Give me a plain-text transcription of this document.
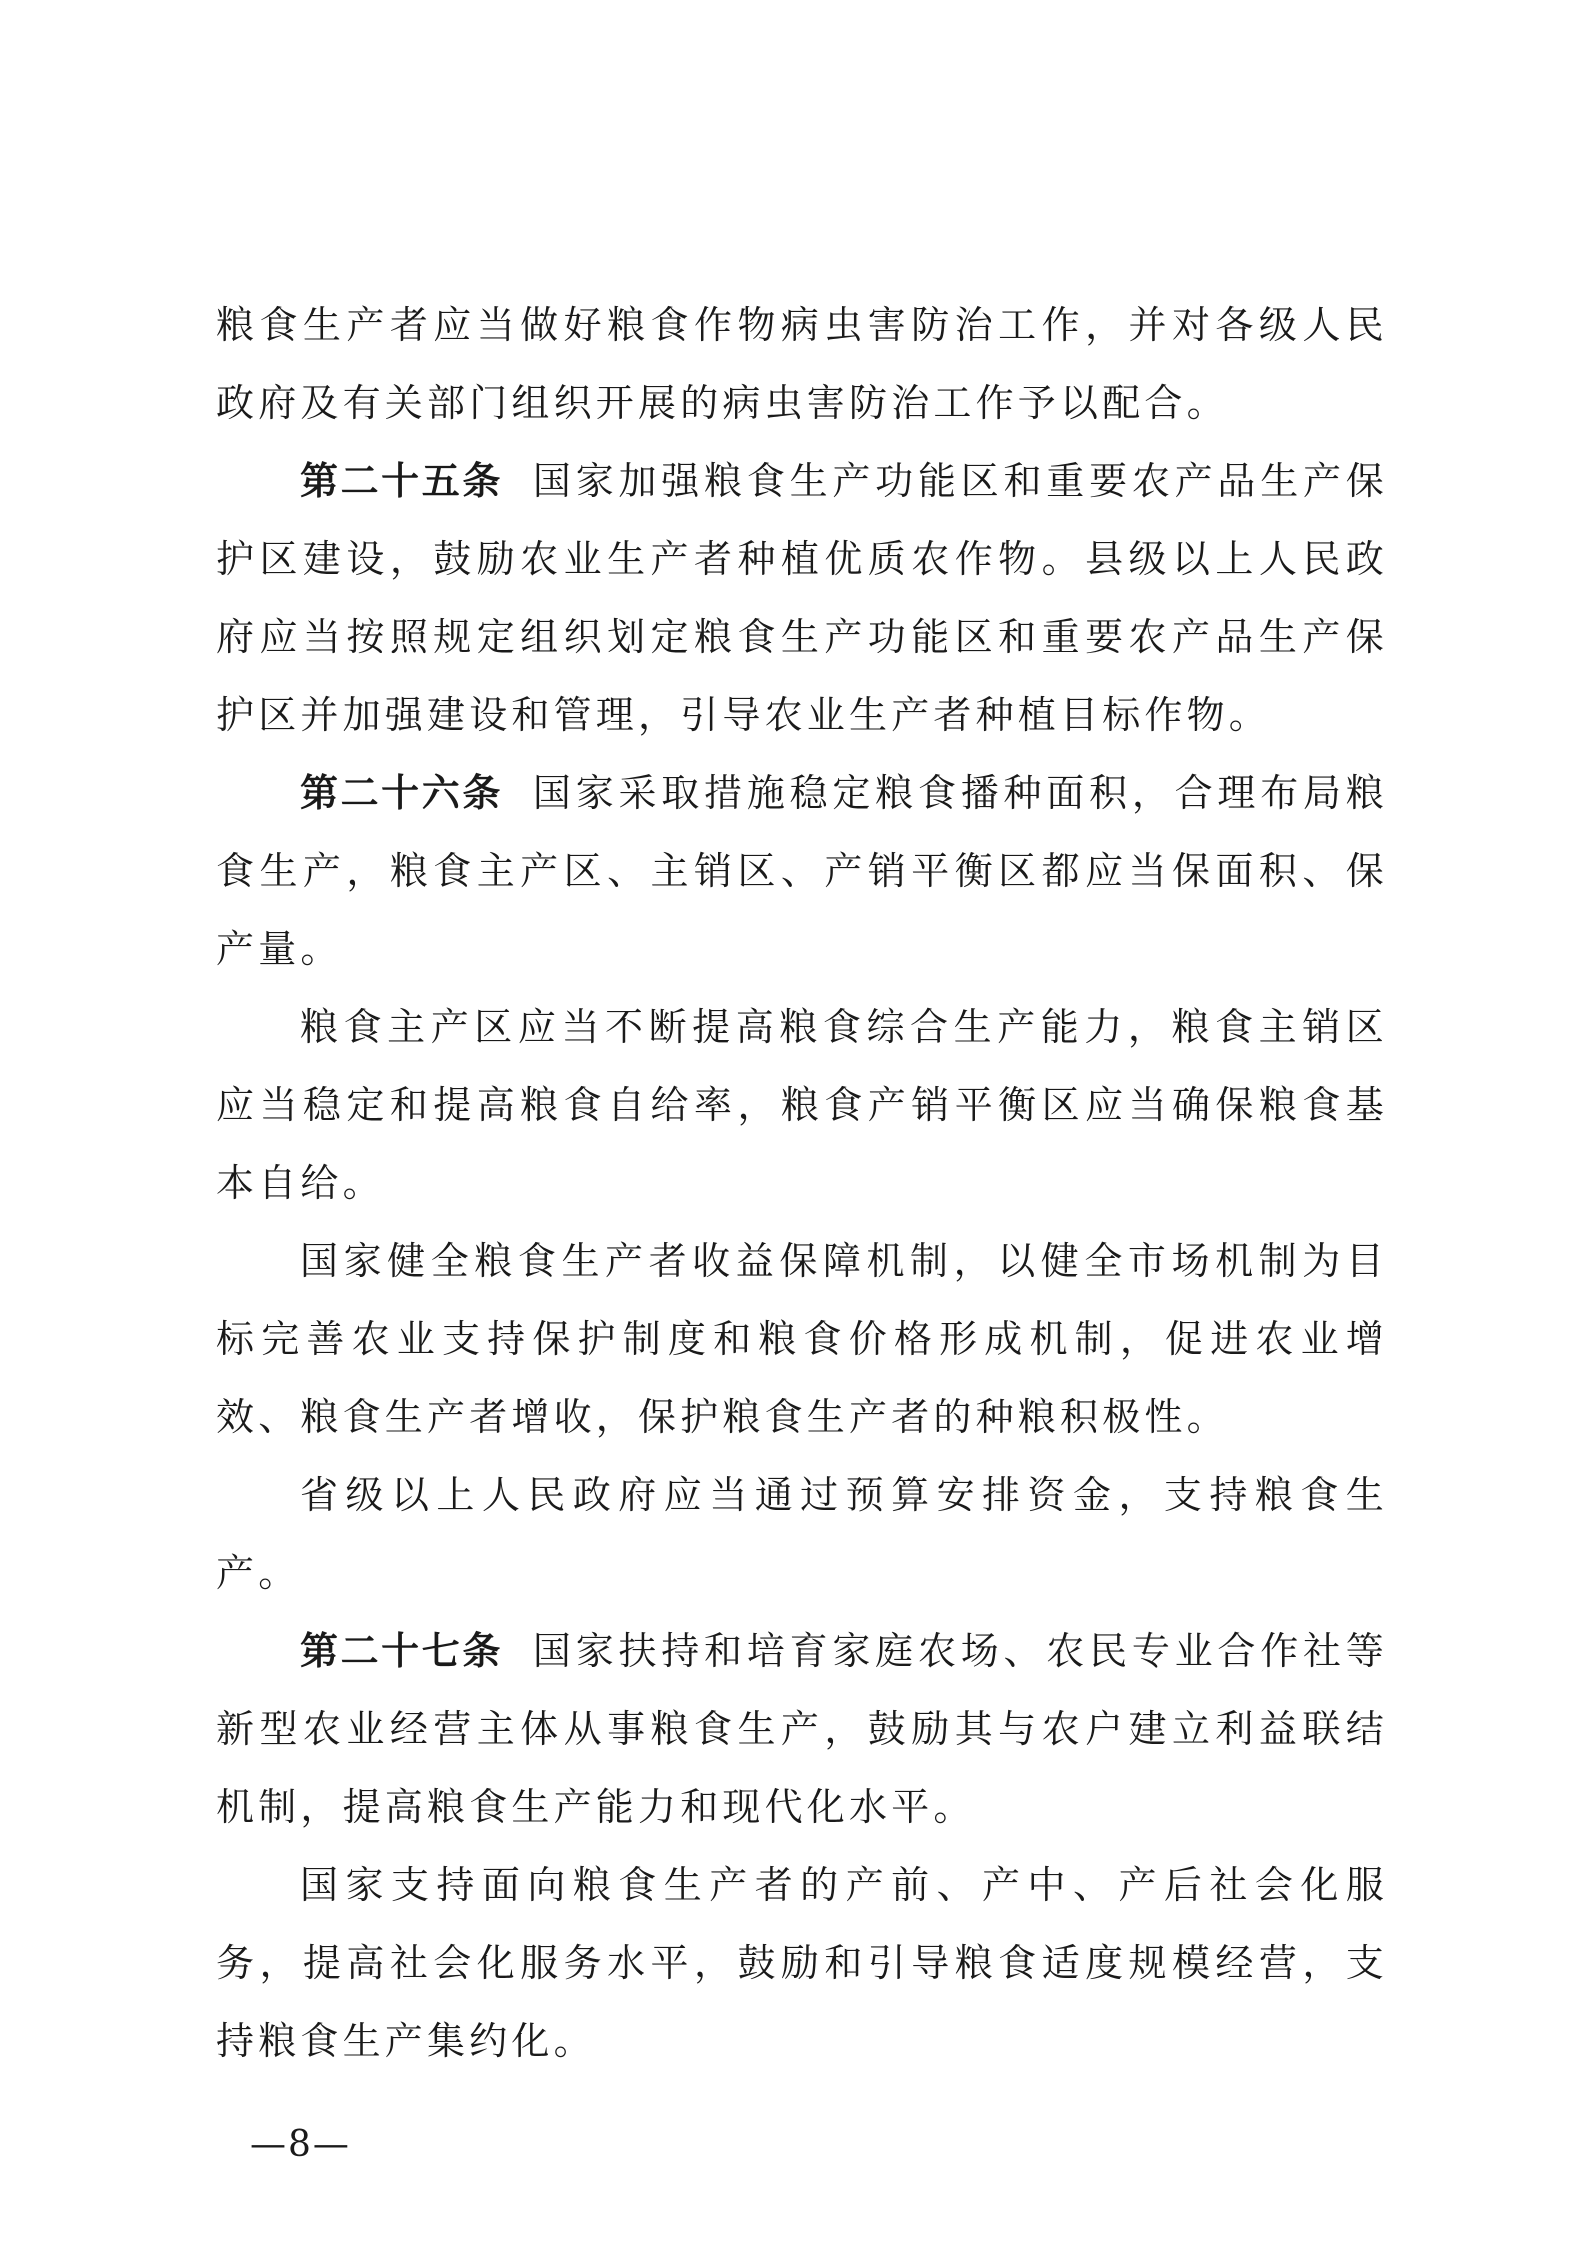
粮食生产者应当做好粮食作物病虫害防治工作，并对各级人民政府及有关部门组织开展的病虫害防治工作予以配合。

第二十五条 国家加强粮食生产功能区和重要农产品生产保护区建设，鼓励农业生产者种植优质农作物。县级以上人民政府应当按照规定组织划定粮食生产功能区和重要农产品生产保护区并加强建设和管理，引导农业生产者种植目标作物。

第二十六条 国家采取措施稳定粮食播种面积，合理布局粮食生产，粮食主产区、主销区、产销平衡区都应当保面积、保产量。

粮食主产区应当不断提高粮食综合生产能力，粮食主销区应当稳定和提高粮食自给率，粮食产销平衡区应当确保粮食基本自给。

国家健全粮食生产者收益保障机制，以健全市场机制为目标完善农业支持保护制度和粮食价格形成机制，促进农业增效、粮食生产者增收，保护粮食生产者的种粮积极性。

省级以上人民政府应当通过预算安排资金，支持粮食生产。

第二十七条 国家扶持和培育家庭农场、农民专业合作社等新型农业经营主体从事粮食生产，鼓励其与农户建立利益联结机制，提高粮食生产能力和现代化水平。

国家支持面向粮食生产者的产前、产中、产后社会化服务，提高社会化服务水平，鼓励和引导粮食适度规模经营，支持粮食生产集约化。

—8—
